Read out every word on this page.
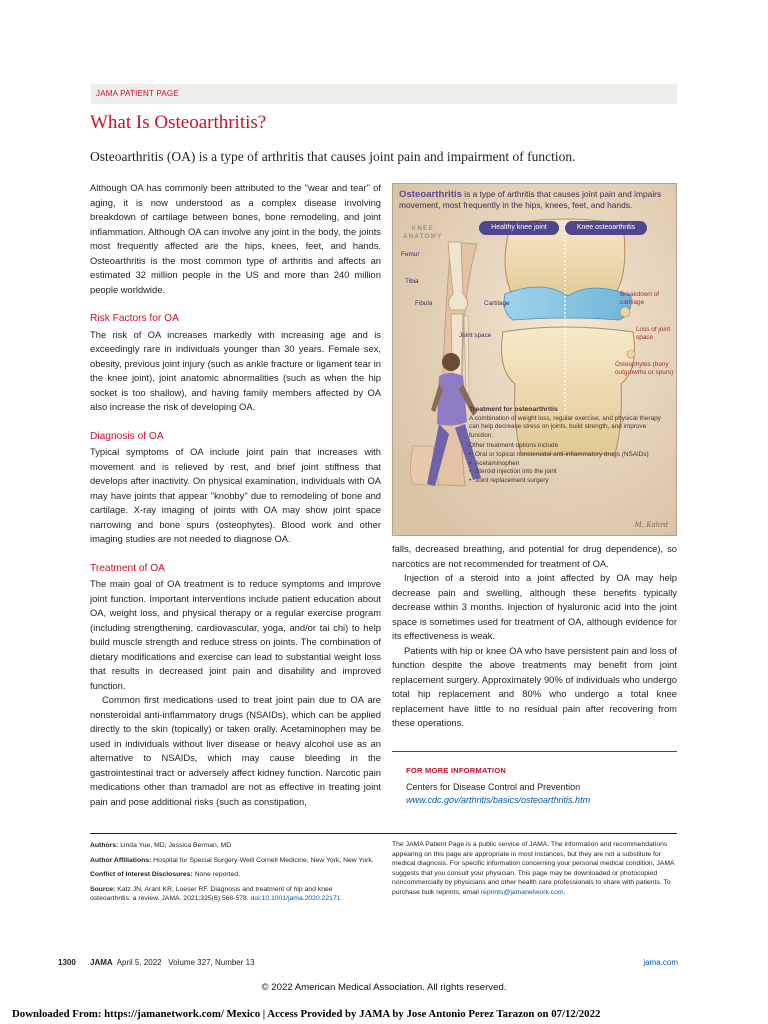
JAMA PATIENT PAGE
What Is Osteoarthritis?
Osteoarthritis (OA) is a type of arthritis that causes joint pain and impairment of function.

Although OA has commonly been attributed to the "wear and tear" of aging, it is now understood as a complex disease involving breakdown of cartilage between bones, bone remodeling, and joint inflammation. Although OA can involve any joint in the body, the joints most frequently affected are the hips, knees, feet, and hands. Osteoarthritis is the most common type of arthritis and affects an estimated 32 million people in the US and more than 240 million people worldwide.

Risk Factors for OA

The risk of OA increases markedly with increasing age and is exceedingly rare in individuals younger than 30 years. Female sex, obesity, previous joint injury (such as ankle fracture or ligament tear in the knee joint), joint anatomic abnormalities (such as when the hip socket is too shallow), and having family members affected by OA also increase the risk of developing OA.

Diagnosis of OA

Typical symptoms of OA include joint pain that increases with movement and is relieved by rest, and brief joint stiffness that develops after inactivity. On physical examination, individuals with OA may have joints that appear "knobby" due to remodeling of bone and cartilage. X-ray imaging of joints with OA may show joint space narrowing and bone spurs (osteophytes). Blood work and other imaging studies are not needed to diagnose OA.

Treatment of OA

The main goal of OA treatment is to reduce symptoms and improve joint function. Important interventions include patient education about OA, weight loss, and physical therapy or a regular exercise program (including strengthening, cardiovascular, yoga, and/or tai chi) to help build muscle strength and reduce stress on joints. The combination of dietary modifications and exercise can lead to substantial weight loss that results in decreased joint pain and disability and improved function.

Common first medications used to treat joint pain due to OA are nonsteroidal anti-inflammatory drugs (NSAIDs), which can be applied directly to the skin (topically) or taken orally. Acetaminophen may be used in individuals without liver disease or heavy alcohol use as an alternative to NSAIDs, which may cause bleeding in the gastrointestinal tract or adversely affect kidney function. Narcotic pain medications other than tramadol are not as effective in treating joint pain and pose additional risks (such as constipation,

Osteoarthritis is a type of arthritis that causes joint pain and impairs movement, most frequently in the hips, knees, feet, and hands.
Healthy knee joint	Knee osteoarthritis
KNEE ANATOMY
Femur
Tibia
Fibula	Cartilage
Joint space
Breakdown of cartilage
Loss of joint space
Osteophytes (bony outgrowths or spurs)
Treatment for osteoarthritis
A combination of weight loss, regular exercise, and physical therapy can help decrease stress on joints, build strength, and improve function.
Other treatment options include
• Oral or topical nonsteroidal anti-inflammatory drugs (NSAIDs)
• Acetaminophen
• Steroid injection into the joint
• Joint replacement surgery
M. Kahrd

falls, decreased breathing, and potential for drug dependence), so narcotics are not recommended for treatment of OA.

Injection of a steroid into a joint affected by OA may help decrease pain and swelling, although these benefits typically decrease within 3 months. Injection of hyaluronic acid into the joint space is sometimes used for treatment of OA, although evidence for its effectiveness is weak.

Patients with hip or knee OA who have persistent pain and loss of function despite the above treatments may benefit from joint replacement surgery. Approximately 90% of individuals who undergo total hip replacement and 80% who undergo a total knee replacement have little to no residual pain after recovering from these operations.

FOR MORE INFORMATION
Centers for Disease Control and Prevention
www.cdc.gov/arthritis/basics/osteoarthritis.htm

Authors: Linda Yue, MD; Jessica Berman, MD

Author Affiliations: Hospital for Special Surgery-Weill Cornell Medicine, New York, New York.

Conflict of Interest Disclosures: None reported.

Source: Katz JN, Arant KR, Loeser RF. Diagnosis and treatment of hip and knee osteoarthritis: a review. JAMA. 2021;325(6):568-578. doi:10.1001/jama.2020.22171

The JAMA Patient Page is a public service of JAMA. The information and recommendations appearing on this page are appropriate in most instances, but they are not a substitute for medical diagnosis. For specific information concerning your personal medical condition, JAMA suggests that you consult your physician. This page may be downloaded or photocopied noncommercially by physicians and other health care professionals to share with patients. To purchase bulk reprints, email reprints@jamanetwork.com.
1300 JAMA  April 5, 2022   Volume 327, Number 13	jama.com
© 2022 American Medical Association. All rights reserved.
Downloaded From: https://jamanetwork.com/ Mexico | Access Provided by JAMA by Jose Antonio Perez Tarazon on 07/12/2022
